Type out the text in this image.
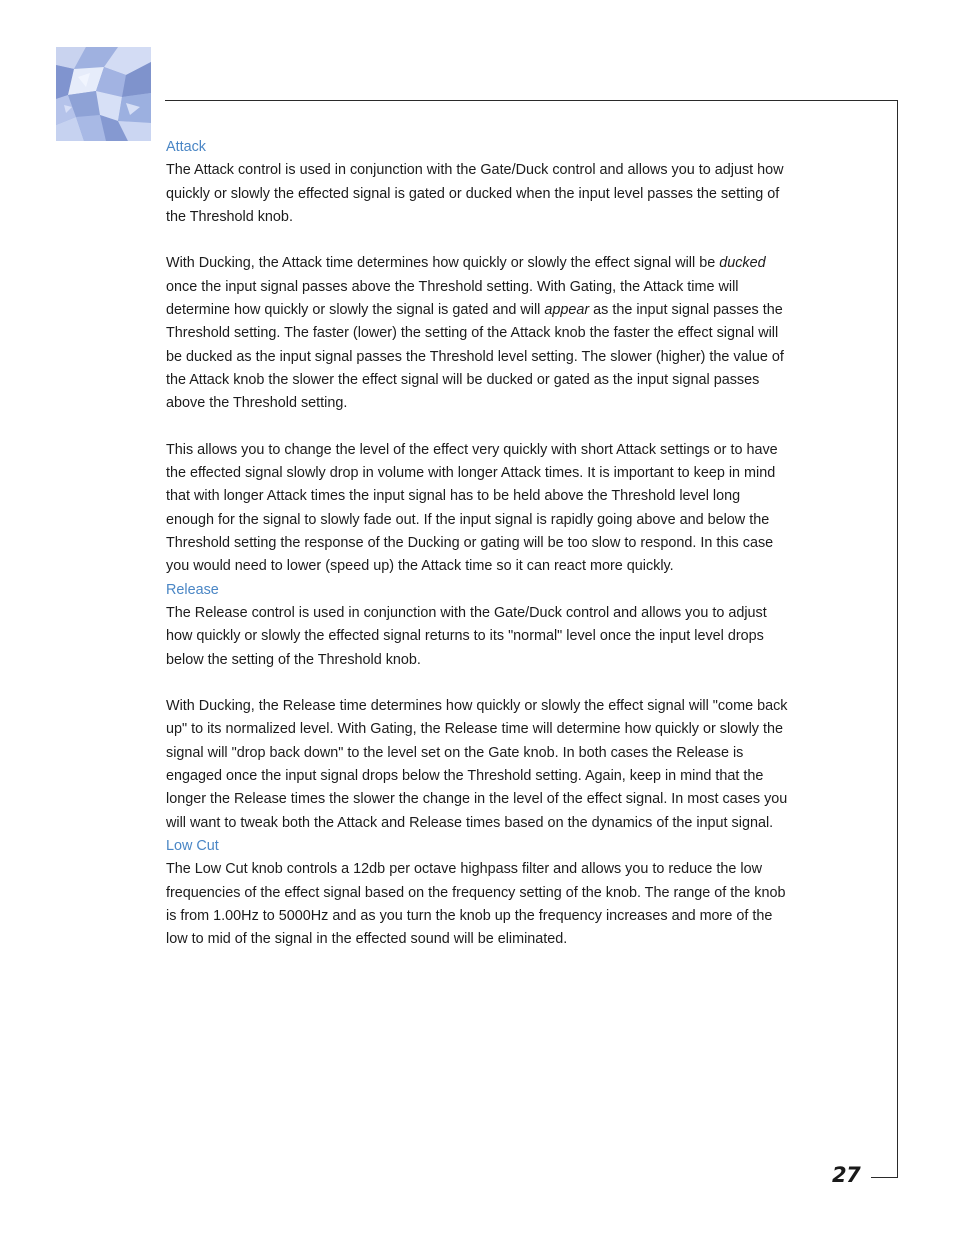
27
Attack

The Attack control is used in conjunction with the Gate/Duck control and allows you to adjust how quickly or slowly the effected signal is gated or ducked when the input level passes the setting of the Threshold knob.

With Ducking, the Attack time determines how quickly or slowly the effect signal will be ducked once the input signal passes above the Threshold setting. With Gating, the Attack time will determine how quickly or slowly the signal is gated and will appear as the input signal passes the Threshold setting. The faster (lower) the setting of the Attack knob the faster the effect signal will be ducked as the input signal passes the Threshold level setting. The slower (higher) the value of the Attack knob the slower the effect signal will be ducked or gated as the input signal passes above the Threshold setting.

This allows you to change the level of the effect very quickly with short Attack settings or to have the effected signal slowly drop in volume with longer Attack times. It is important to keep in mind that with longer Attack times the input signal has to be held above the Threshold level long enough for the signal to slowly fade out. If the input signal is rapidly going above and below the Threshold setting the response of the Ducking or gating will be too slow to respond. In this case you would need to lower (speed up) the Attack time so it can react more quickly.

Release

The Release control is used in conjunction with the Gate/Duck control and allows you to adjust how quickly or slowly the effected signal returns to its "normal" level once the input level drops below the setting of the Threshold knob.

With Ducking, the Release time determines how quickly or slowly the effect signal will "come back up" to its normalized level. With Gating, the Release time will determine how quickly or slowly the signal will "drop back down" to the level set on the Gate knob. In both cases the Release is engaged once the input signal drops below the Threshold setting. Again, keep in mind that the longer the Release times the slower the change in the level of the effect signal. In most cases you will want to tweak both the Attack and Release times based on the dynamics of the input signal.

Low Cut

The Low Cut knob controls a 12db per octave highpass filter and allows you to reduce the low frequencies of the effect signal based on the frequency setting of the knob. The range of the knob is from 1.00Hz to 5000Hz and as you turn the knob up the frequency increases and more of the low to mid of the signal in the effected sound will be eliminated.
